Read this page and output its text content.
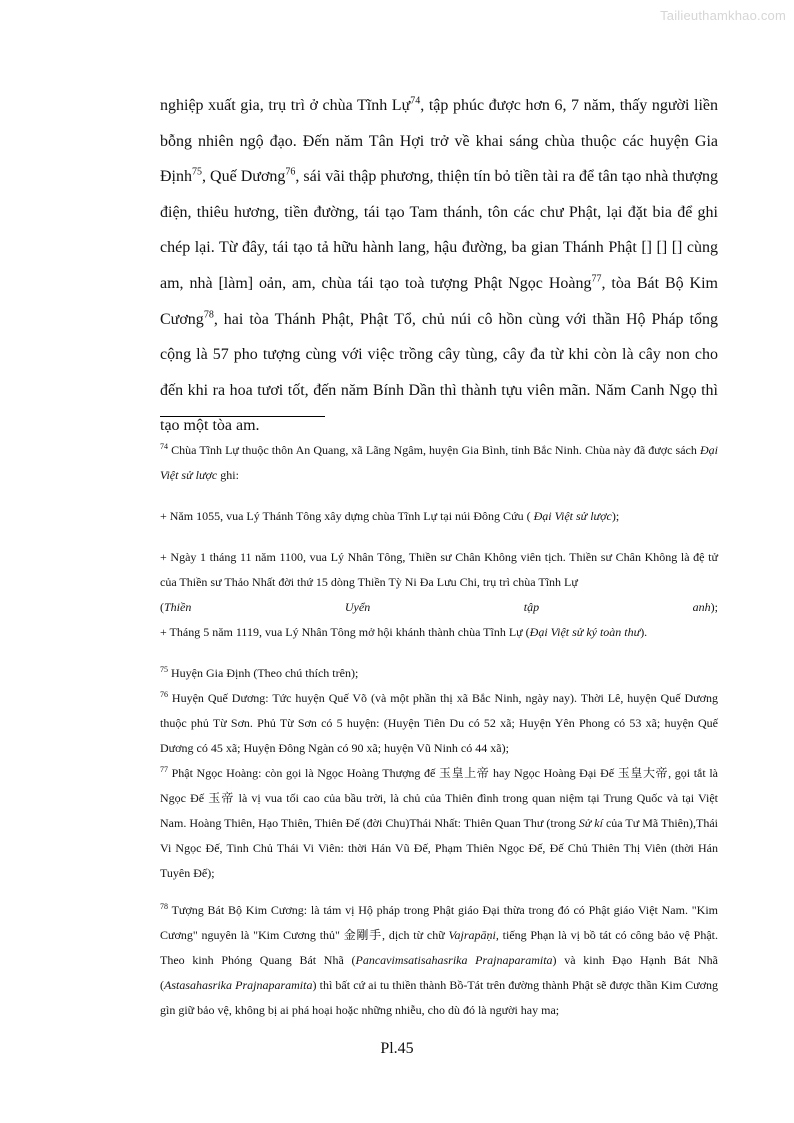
Tailieuthamkhao.com

nghiệp xuất gia, trụ trì ở chùa Tĩnh Lự$^{74}$, tập phúc được hơn 6, 7 năm, thấy người liền bỗng nhiên ngộ đạo. Đến năm Tân Hợi trở về khai sáng chùa thuộc các huyện Gia Định$^{75}$, Quế Dương$^{76}$, sái vãi thập phương, thiện tín bỏ tiền tài ra để tân tạo nhà thượng điện, thiêu hương, tiền đường, tái tạo Tam thánh, tôn các chư Phật, lại đặt bia để ghi chép lại. Từ đây, tái tạo tả hữu hành lang, hậu đường, ba gian Thánh Phật [] [] [] cùng am, nhà [làm] oản, am, chùa tái tạo toà tượng Phật Ngọc Hoàng$^{77}$, tòa Bát Bộ Kim Cương$^{78}$, hai tòa Thánh Phật, Phật Tổ, chủ núi cô hồn cùng với thần Hộ Pháp tổng cộng là 57 pho tượng cùng với việc trồng cây tùng, cây đa từ khi còn là cây non cho đến khi ra hoa tươi tốt, đến năm Bính Dần thì thành tựu viên mãn. Năm Canh Ngọ thì tạo một tòa am.

$^{74}$ Chùa Tĩnh Lự thuộc thôn An Quang, xã Lãng Ngâm, huyện Gia Bình, tỉnh Bắc Ninh. Chùa này đã được sách Đại Việt sử lược ghi:

+ Năm 1055, vua Lý Thánh Tông xây dựng chùa Tĩnh Lự tại núi Đông Cứu ( Đại Việt sử lược);

+ Ngày 1 tháng 11 năm 1100, vua Lý Nhân Tông, Thiền sư Chân Không viên tịch. Thiền sư Chân Không là đệ tử của Thiền sư Thảo Nhất đời thứ 15 dòng Thiền Tỳ Ni Đa Lưu Chi, trụ trì chùa Tĩnh Lự

(Thiền	Uyển	tập	anh);

+ Tháng 5 năm 1119, vua Lý Nhân Tông mở hội khánh thành chùa Tĩnh Lự (Đại Việt sử ký toàn thư).

$^{75}$ Huyện Gia Định (Theo chú thích trên);

$^{76}$ Huyện Quế Dương: Tức huyện Quế Võ (và một phần thị xã Bắc Ninh, ngày nay). Thời Lê, huyện Quế Dương thuộc phủ Từ Sơn. Phủ Từ Sơn có 5 huyện: (Huyện Tiên Du có 52 xã; Huyện Yên Phong có 53 xã; huyện Quế Dương có 45 xã; Huyện Đông Ngàn có 90 xã; huyện Vũ Ninh có 44 xã);

$^{77}$ Phật Ngọc Hoàng: còn gọi là Ngọc Hoàng Thượng đế 玉皇上帝 hay Ngọc Hoàng Đại Đế 玉皇大帝, gọi tắt là Ngọc Đế 玉帝 là vị vua tối cao của bầu trời, là chủ của Thiên đình trong quan niệm tại Trung Quốc và tại Việt Nam. Hoàng Thiên, Hạo Thiên, Thiên Đế (đời Chu)Thái Nhất: Thiên Quan Thư (trong Sử kí của Tư Mã Thiên),Thái Vi Ngọc Đế, Tinh Chủ Thái Vi Viên: thời Hán Vũ Đế, Phạm Thiên Ngọc Đế, Đế Chủ Thiên Thị Viên (thời Hán Tuyên Đế);

$^{78}$ Tượng Bát Bộ Kim Cương: là tám vị Hộ pháp trong Phật giáo Đại thừa trong đó có Phật giáo Việt Nam. "Kim Cương" nguyên là "Kim Cương thủ" 金剛手, dịch từ chữ Vajrapāṇi, tiếng Phạn là vị bồ tát có công bảo vệ Phật. Theo kinh Phóng Quang Bát Nhã (Pancavimsatisahasrika Prajnaparamita) và kinh Đạo Hạnh Bát Nhã (Astasahasrika Prajnaparamita) thì bất cứ ai tu thiền thành Bồ-Tát trên đường thành Phật sẽ được thần Kim Cương gìn giữ bảo vệ, không bị ai phá hoại hoặc những nhiễu, cho dù đó là người hay ma;

Pl.45
